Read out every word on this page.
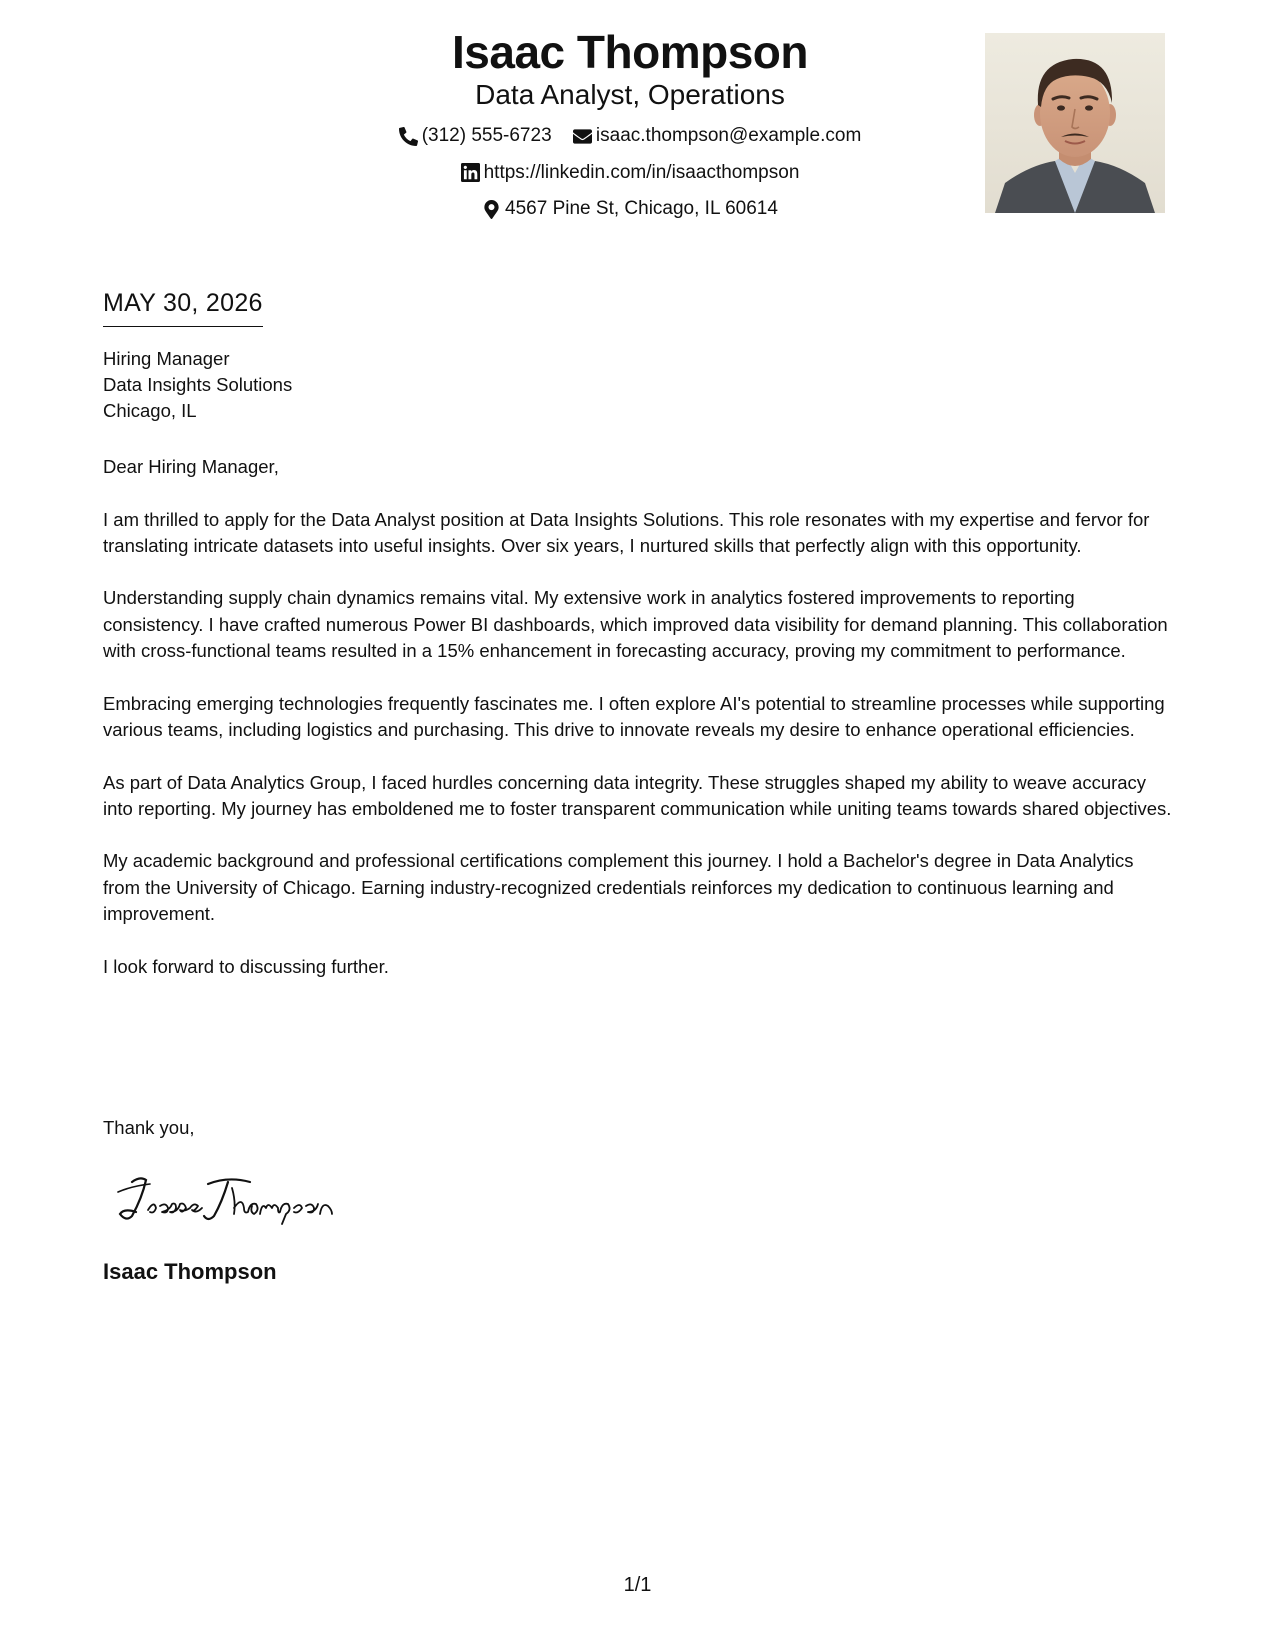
Isaac Thompson
Data Analyst, Operations
(312) 555-6723
isaac.thompson@example.com
https://linkedin.com/in/isaacthompson
4567 Pine St, Chicago, IL 60614
MAY 30, 2026
Hiring Manager
Data Insights Solutions
Chicago, IL

Dear Hiring Manager,

I am thrilled to apply for the Data Analyst position at Data Insights Solutions. This role resonates with my expertise and fervor for translating intricate datasets into useful insights. Over six years, I nurtured skills that perfectly align with this opportunity.

Understanding supply chain dynamics remains vital. My extensive work in analytics fostered improvements to reporting consistency. I have crafted numerous Power BI dashboards, which improved data visibility for demand planning. This collaboration with cross-functional teams resulted in a 15% enhancement in forecasting accuracy, proving my commitment to performance.

Embracing emerging technologies frequently fascinates me. I often explore AI's potential to streamline processes while supporting various teams, including logistics and purchasing. This drive to innovate reveals my desire to enhance operational efficiencies.

As part of Data Analytics Group, I faced hurdles concerning data integrity. These struggles shaped my ability to weave accuracy into reporting. My journey has emboldened me to foster transparent communication while uniting teams towards shared objectives.

My academic background and professional certifications complement this journey. I hold a Bachelor's degree in Data Analytics from the University of Chicago. Earning industry-recognized credentials reinforces my dedication to continuous learning and improvement.

I look forward to discussing further.

Thank you,
Isaac Thompson
1/1
